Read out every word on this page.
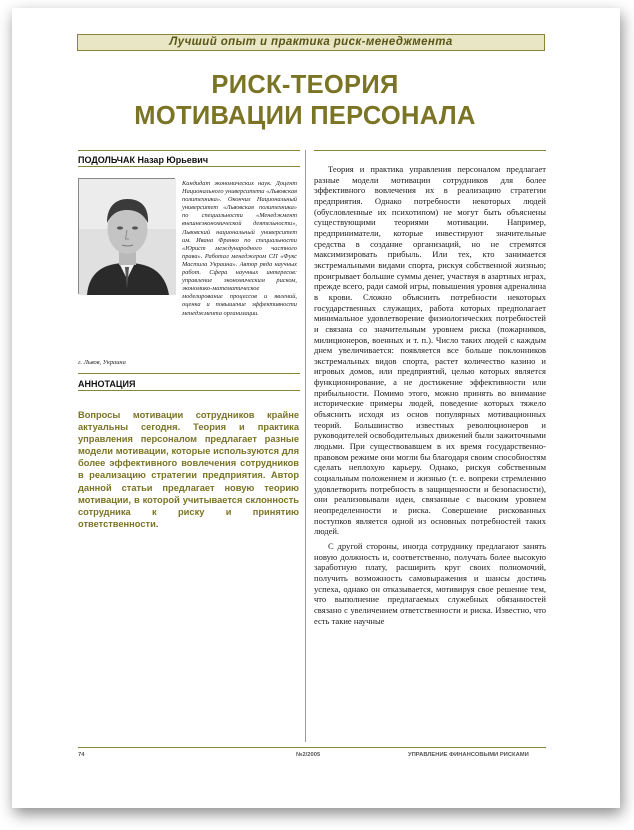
Лучший опыт и практика риск-менеджмента
РИСК-ТЕОРИЯ
МОТИВАЦИИ ПЕРСОНАЛА
ПОДОЛЬЧАК Назар Юрьевич
Кандидат экономических наук. Доцент Национального университета «Львовская политехника». Окончил Национальный университет «Львовская политехника» по специальности «Менеджмент внешнеэкономической деятельности», Львовский национальный университет им. Ивана Франко по специальности «Юрист международного частного права». Работал менеджером СП «Фукс Мастила Украина». Автор ряда научных работ. Сфера научных интересов: управление экономическим риском, экономико-математическое моделирование процессов и явлений, оценка и повышение эффективности менеджмента организации.
г. Львов, Украина
АННОТАЦИЯ
Вопросы мотивации сотрудников крайне актуальны сегодня. Теория и практика управления персоналом предлагает разные модели мотивации, которые используются для более эффективного вовлечения сотрудников в реализацию стратегии предприятия. Автор данной статьи предлагает новую теорию мотивации, в которой учитывается склонность сотрудника к риску и принятию ответственности.

Теория и практика управления персоналом предлагает разные модели мотивации сотрудников для более эффективного вовлечения их в реализацию стратегии предприятия. Однако потребности некоторых людей (обусловленные их психотипом) не могут быть объяснены существующими теориями мотивации. Например, предприниматели, которые инвестируют значительные средства в создание организаций, но не стремятся максимизировать прибыль. Или тех, кто занимается экстремальными видами спорта, рискуя собственной жизнью; проигрывает большие суммы денег, участвуя в азартных играх, прежде всего, ради самой игры, повышения уровня адреналина в крови. Сложно объяснить потребности некоторых государственных служащих, работа которых предполагает минимальное удовлетворение физиологических потребностей и связана со значительным уровнем риска (пожарников, милиционеров, военных и т. п.). Число таких людей с каждым днем увеличивается: появляется все больше поклонников экстремальных видов спорта, растет количество казино и игровых домов, или предприятий, целью которых является функционирование, а не достижение эффективности или прибыльности. Помимо этого, можно принять во внимание исторические примеры людей, поведение которых тяжело объяснить исходя из основ популярных мотивационных теорий. Большинство известных революционеров и руководителей освободительных движений были зажиточными людьми. При существовавшем в их время государственно-правовом режиме они могли бы благодаря своим способностям сделать неплохую карьеру. Однако, рискуя собственным социальным положением и жизнью (т. е. вопреки стремлению удовлетворить потребность в защищенности и безопасности), они реализовывали идеи, связанные с высоким уровнем неопределенности и риска. Совершение рискованных поступков является одной из основных потребностей таких людей.

С другой стороны, иногда сотруднику предлагают занять новую должность и, соответственно, получать более высокую заработную плату, расширить круг своих полномочий, получить возможность самовыражения и шансы достичь успеха, однако он отказывается, мотивируя свое решение тем, что выполнение предлагаемых служебных обязанностей связано с увеличением ответственности и риска. Известно, что есть такие научные

74	№2/2005	УПРАВЛЕНИЕ ФИНАНСОВЫМИ РИСКАМИ
